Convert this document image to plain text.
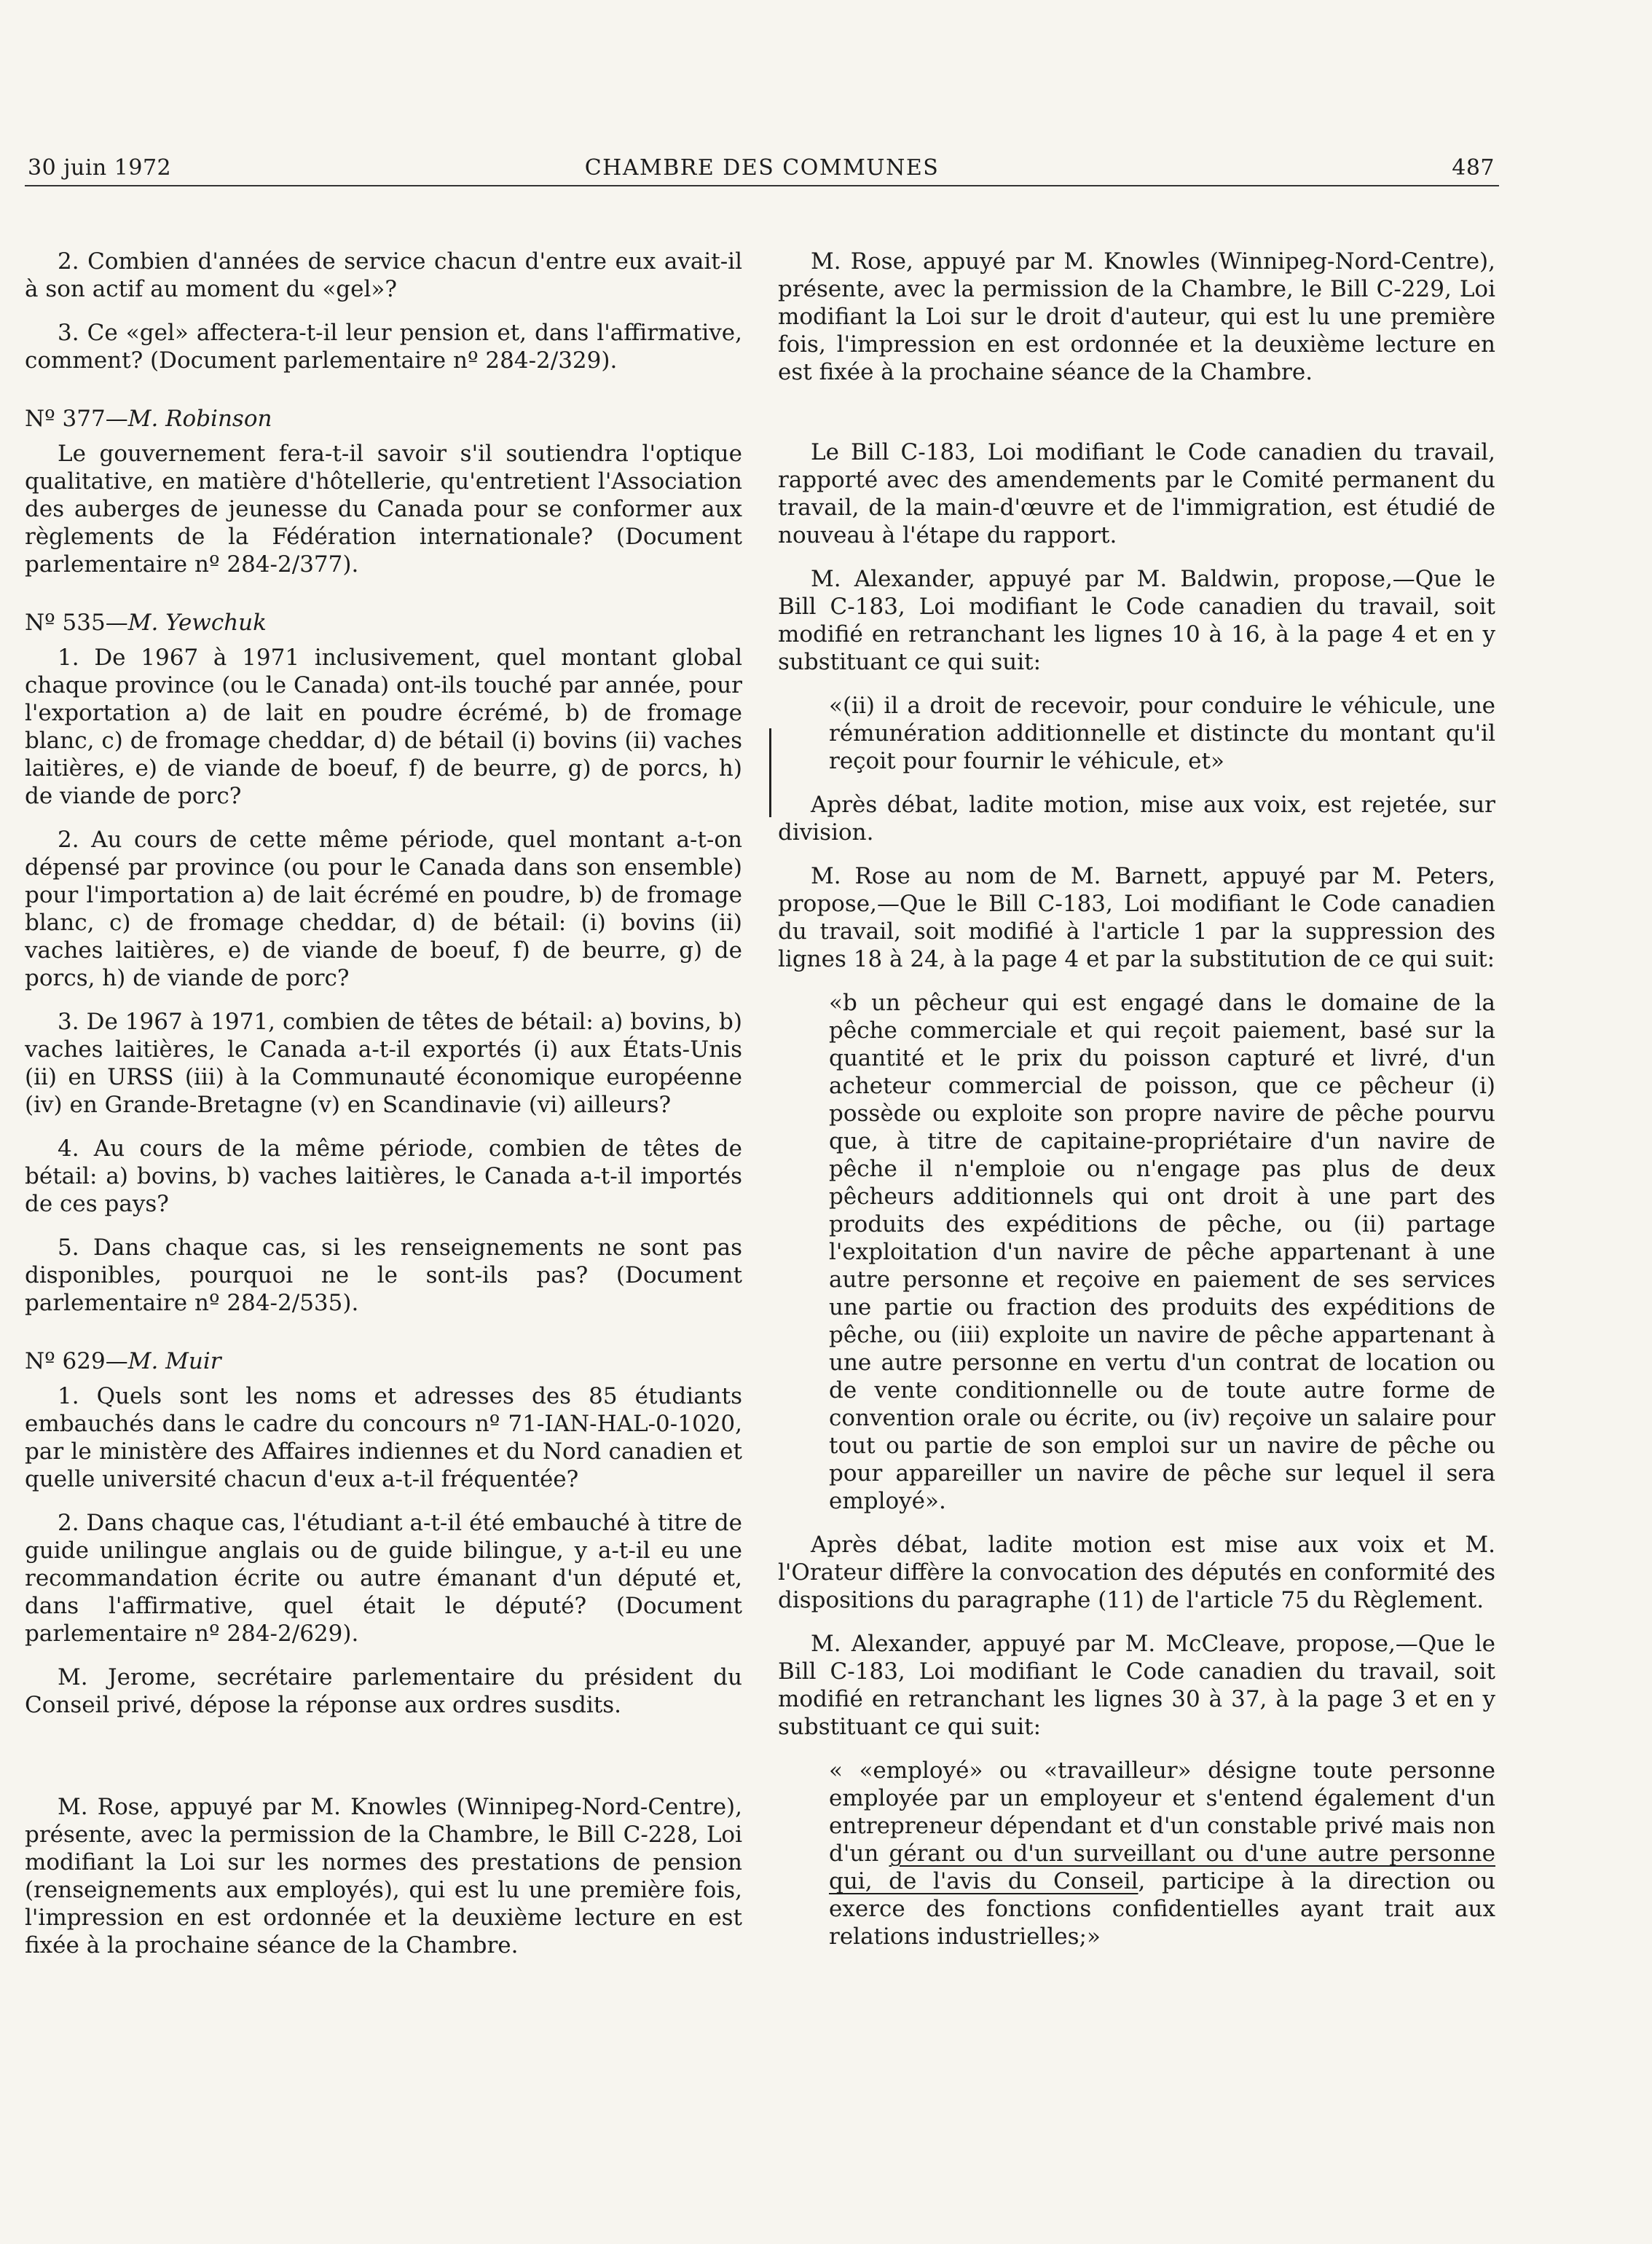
30 juin 1972	CHAMBRE DES COMMUNES	487

2. Combien d'années de service chacun d'entre eux avait-il à son actif au moment du «gel»?

3. Ce «gel» affectera-t-il leur pension et, dans l'affirmative, comment? (Document parlementaire nº 284-2/329).

Nº 377—M. Robinson

Le gouvernement fera-t-il savoir s'il soutiendra l'optique qualitative, en matière d'hôtellerie, qu'entretient l'Association des auberges de jeunesse du Canada pour se conformer aux règlements de la Fédération internationale? (Document parlementaire nº 284-2/377).

Nº 535—M. Yewchuk

1. De 1967 à 1971 inclusivement, quel montant global chaque province (ou le Canada) ont-ils touché par année, pour l'exportation a) de lait en poudre écrémé, b) de fromage blanc, c) de fromage cheddar, d) de bétail (i) bovins (ii) vaches laitières, e) de viande de boeuf, f) de beurre, g) de porcs, h) de viande de porc?

2. Au cours de cette même période, quel montant a-t-on dépensé par province (ou pour le Canada dans son ensemble) pour l'importation a) de lait écrémé en poudre, b) de fromage blanc, c) de fromage cheddar, d) de bétail: (i) bovins (ii) vaches laitières, e) de viande de boeuf, f) de beurre, g) de porcs, h) de viande de porc?

3. De 1967 à 1971, combien de têtes de bétail: a) bovins, b) vaches laitières, le Canada a-t-il exportés (i) aux États-Unis (ii) en URSS (iii) à la Communauté économique européenne (iv) en Grande-Bretagne (v) en Scandinavie (vi) ailleurs?

4. Au cours de la même période, combien de têtes de bétail: a) bovins, b) vaches laitières, le Canada a-t-il importés de ces pays?

5. Dans chaque cas, si les renseignements ne sont pas disponibles, pourquoi ne le sont-ils pas? (Document parlementaire nº 284-2/535).

Nº 629—M. Muir

1. Quels sont les noms et adresses des 85 étudiants embauchés dans le cadre du concours nº 71-IAN-HAL-0-1020, par le ministère des Affaires indiennes et du Nord canadien et quelle université chacun d'eux a-t-il fréquentée?

2. Dans chaque cas, l'étudiant a-t-il été embauché à titre de guide unilingue anglais ou de guide bilingue, y a-t-il eu une recommandation écrite ou autre émanant d'un député et, dans l'affirmative, quel était le député? (Document parlementaire nº 284-2/629).

M. Jerome, secrétaire parlementaire du président du Conseil privé, dépose la réponse aux ordres susdits.

M. Rose, appuyé par M. Knowles (Winnipeg-Nord-Centre), présente, avec la permission de la Chambre, le Bill C-228, Loi modifiant la Loi sur les normes des prestations de pension (renseignements aux employés), qui est lu une première fois, l'impression en est ordonnée et la deuxième lecture en est fixée à la prochaine séance de la Chambre.

M. Rose, appuyé par M. Knowles (Winnipeg-Nord-Centre), présente, avec la permission de la Chambre, le Bill C-229, Loi modifiant la Loi sur le droit d'auteur, qui est lu une première fois, l'impression en est ordonnée et la deuxième lecture en est fixée à la prochaine séance de la Chambre.

Le Bill C-183, Loi modifiant le Code canadien du travail, rapporté avec des amendements par le Comité permanent du travail, de la main-d'œuvre et de l'immigration, est étudié de nouveau à l'étape du rapport.

M. Alexander, appuyé par M. Baldwin, propose,—Que le Bill C-183, Loi modifiant le Code canadien du travail, soit modifié en retranchant les lignes 10 à 16, à la page 4 et en y substituant ce qui suit:

«(ii) il a droit de recevoir, pour conduire le véhicule, une rémunération additionnelle et distincte du montant qu'il reçoit pour fournir le véhicule, et»

Après débat, ladite motion, mise aux voix, est rejetée, sur division.

M. Rose au nom de M. Barnett, appuyé par M. Peters, propose,—Que le Bill C-183, Loi modifiant le Code canadien du travail, soit modifié à l'article 1 par la suppression des lignes 18 à 24, à la page 4 et par la substitution de ce qui suit:

«b un pêcheur qui est engagé dans le domaine de la pêche commerciale et qui reçoit paiement, basé sur la quantité et le prix du poisson capturé et livré, d'un acheteur commercial de poisson, que ce pêcheur (i) possède ou exploite son propre navire de pêche pourvu que, à titre de capitaine-propriétaire d'un navire de pêche il n'emploie ou n'engage pas plus de deux pêcheurs additionnels qui ont droit à une part des produits des expéditions de pêche, ou (ii) partage l'exploitation d'un navire de pêche appartenant à une autre personne et reçoive en paiement de ses services une partie ou fraction des produits des expéditions de pêche, ou (iii) exploite un navire de pêche appartenant à une autre personne en vertu d'un contrat de location ou de vente conditionnelle ou de toute autre forme de convention orale ou écrite, ou (iv) reçoive un salaire pour tout ou partie de son emploi sur un navire de pêche ou pour appareiller un navire de pêche sur lequel il sera employé».

Après débat, ladite motion est mise aux voix et M. l'Orateur diffère la convocation des députés en conformité des dispositions du paragraphe (11) de l'article 75 du Règlement.

M. Alexander, appuyé par M. McCleave, propose,—Que le Bill C-183, Loi modifiant le Code canadien du travail, soit modifié en retranchant les lignes 30 à 37, à la page 3 et en y substituant ce qui suit:

« «employé» ou «travailleur» désigne toute personne employée par un employeur et s'entend également d'un entrepreneur dépendant et d'un constable privé mais non d'un gérant ou d'un surveillant ou d'une autre personne qui, de l'avis du Conseil, participe à la direction ou exerce des fonctions confidentielles ayant trait aux relations industrielles;»
